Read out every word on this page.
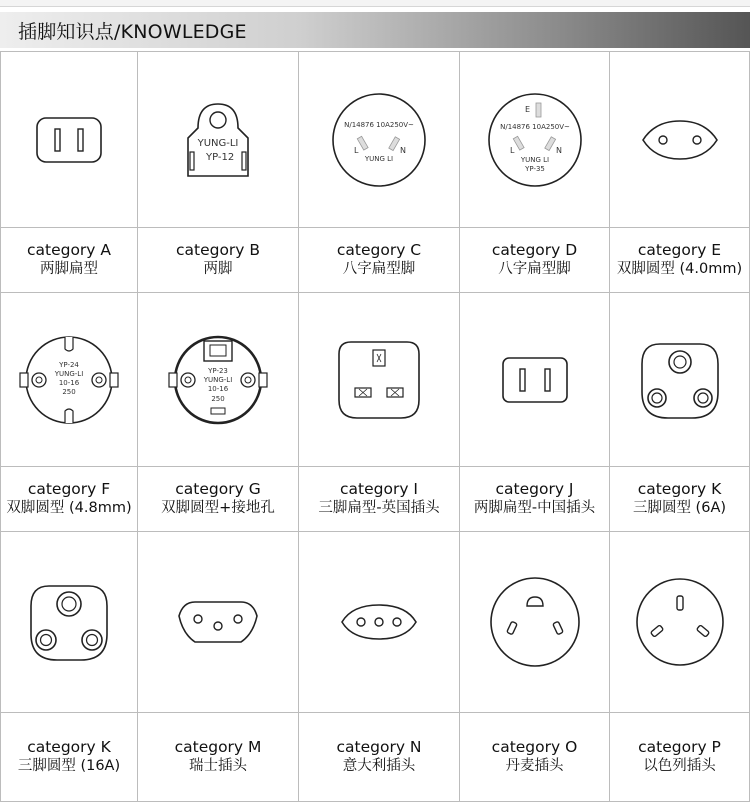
插脚知识点/KNOWLEDGE
category A
两脚扁型
YUNG-LI
YP-12
category B
两脚
N/14876 10A250V~
L	N
YUNG LI
category C
八字扁型脚
E
N/14876 10A250V~
L	N
YUNG LI
YP-35
category D
八字扁型脚
category E
双脚圆型 (4.0mm)
YP-24
YUNG-LI
10-16
250
category F
双脚圆型 (4.8mm)
YP-23
YUNG-LI
10-16
250
category G
双脚圆型+接地孔
category I
三脚扁型-英国插头
category J
两脚扁型-中国插头
category K
三脚圆型 (6A)
category K
三脚圆型 (16A)
category M
瑞士插头
category N
意大利插头
category O
丹麦插头
category P
以色列插头
